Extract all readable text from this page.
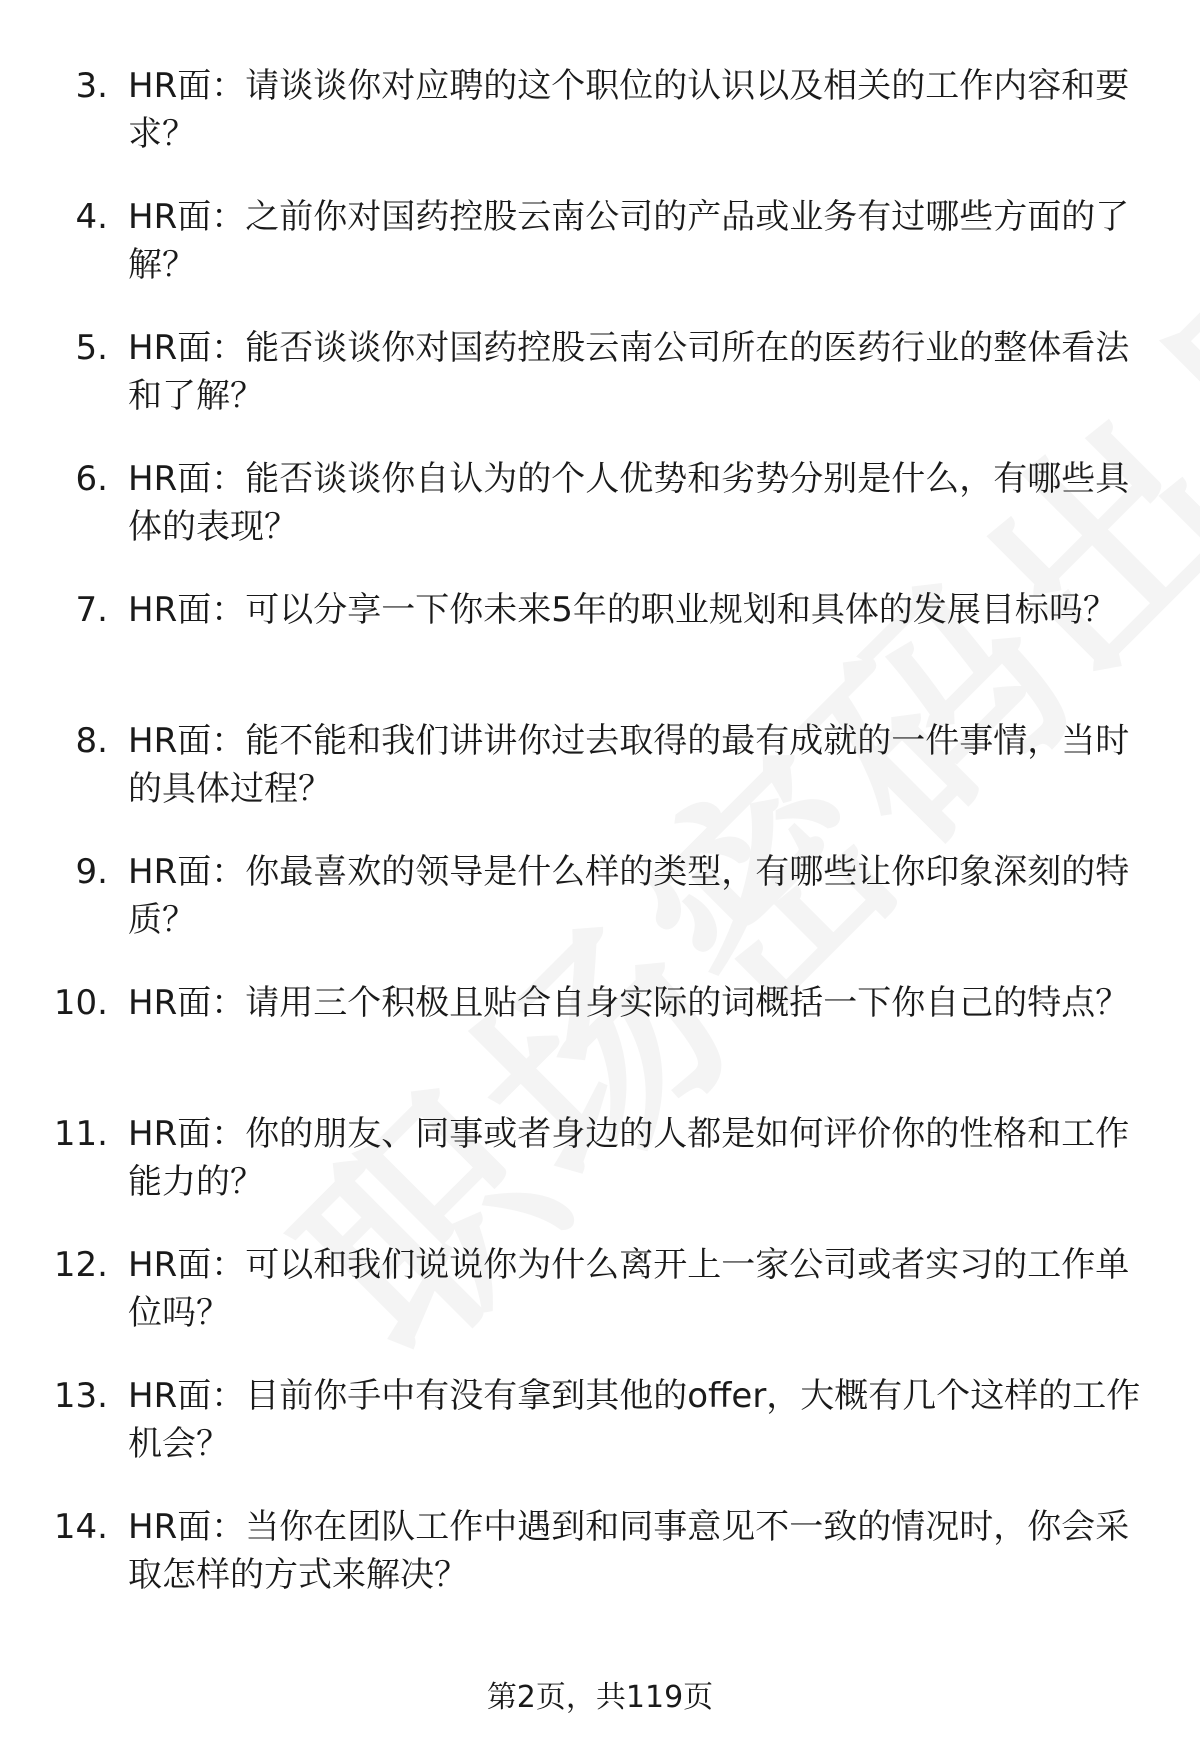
3. HR面：请谈谈你对应聘的这个职位的认识以及相关的工作内容和要求？
4. HR面：之前你对国药控股云南公司的产品或业务有过哪些方面的了解？
5. HR面：能否谈谈你对国药控股云南公司所在的医药行业的整体看法和了解？
6. HR面：能否谈谈你自认为的个人优势和劣势分别是什么，有哪些具体的表现？
7. HR面：可以分享一下你未来5年的职业规划和具体的发展目标吗？
8. HR面：能不能和我们讲讲你过去取得的最有成就的一件事情，当时的具体过程？
9. HR面：你最喜欢的领导是什么样的类型，有哪些让你印象深刻的特质？
10. HR面：请用三个积极且贴合自身实际的词概括一下你自己的特点？
11. HR面：你的朋友、同事或者身边的人都是如何评价你的性格和工作能力的？
12. HR面：可以和我们说说你为什么离开上一家公司或者实习的工作单位吗？
13. HR面：目前你手中有没有拿到其他的offer，大概有几个这样的工作机会？
14. HR面：当你在团队工作中遇到和同事意见不一致的情况时，你会采取怎样的方式来解决？
第2页，共119页
